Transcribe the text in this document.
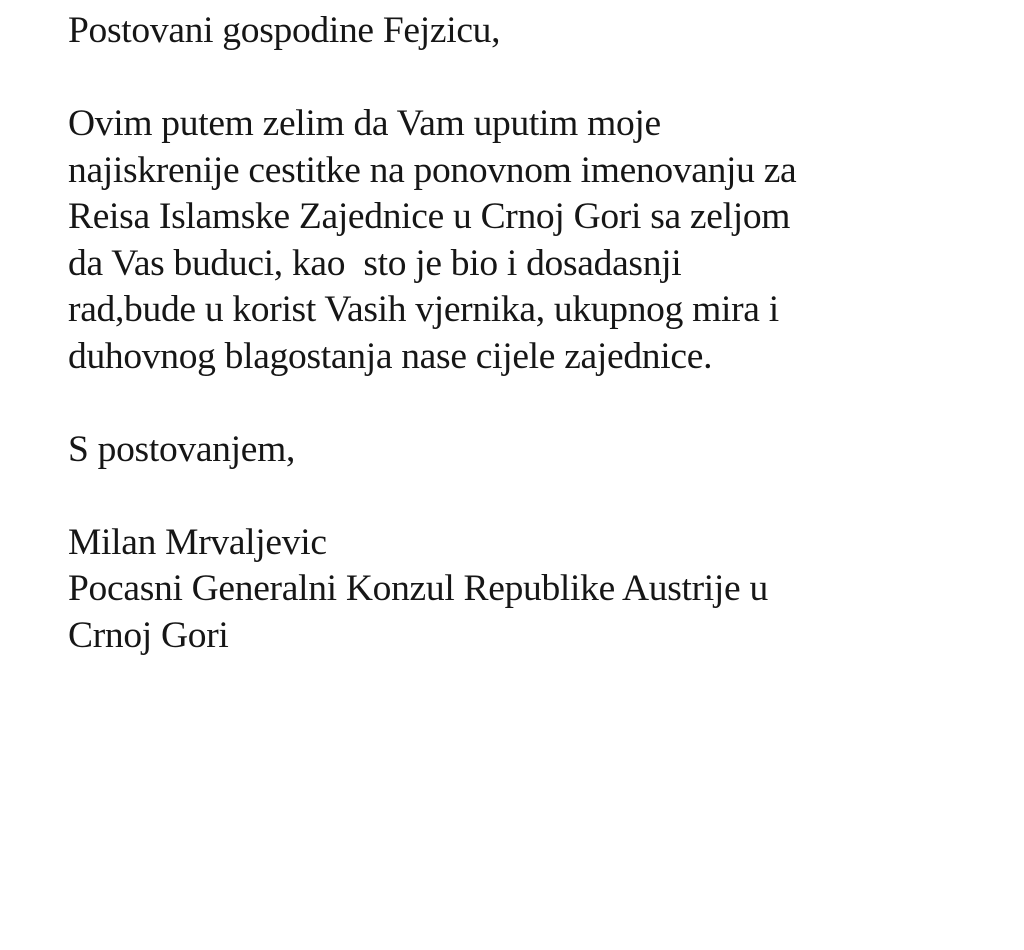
Postovani gospodine Fejzicu,
Ovim putem zelim da Vam uputim moje
najiskrenije cestitke na ponovnom imenovanju za
Reisa Islamske Zajednice u Crnoj Gori sa zeljom
da Vas buduci, kao  sto je bio i dosadasnji
rad,bude u korist Vasih vjernika, ukupnog mira i
duhovnog blagostanja nase cijele zajednice.
S postovanjem,
Milan Mrvaljevic
Pocasni Generalni Konzul Republike Austrije u
Crnoj Gori
